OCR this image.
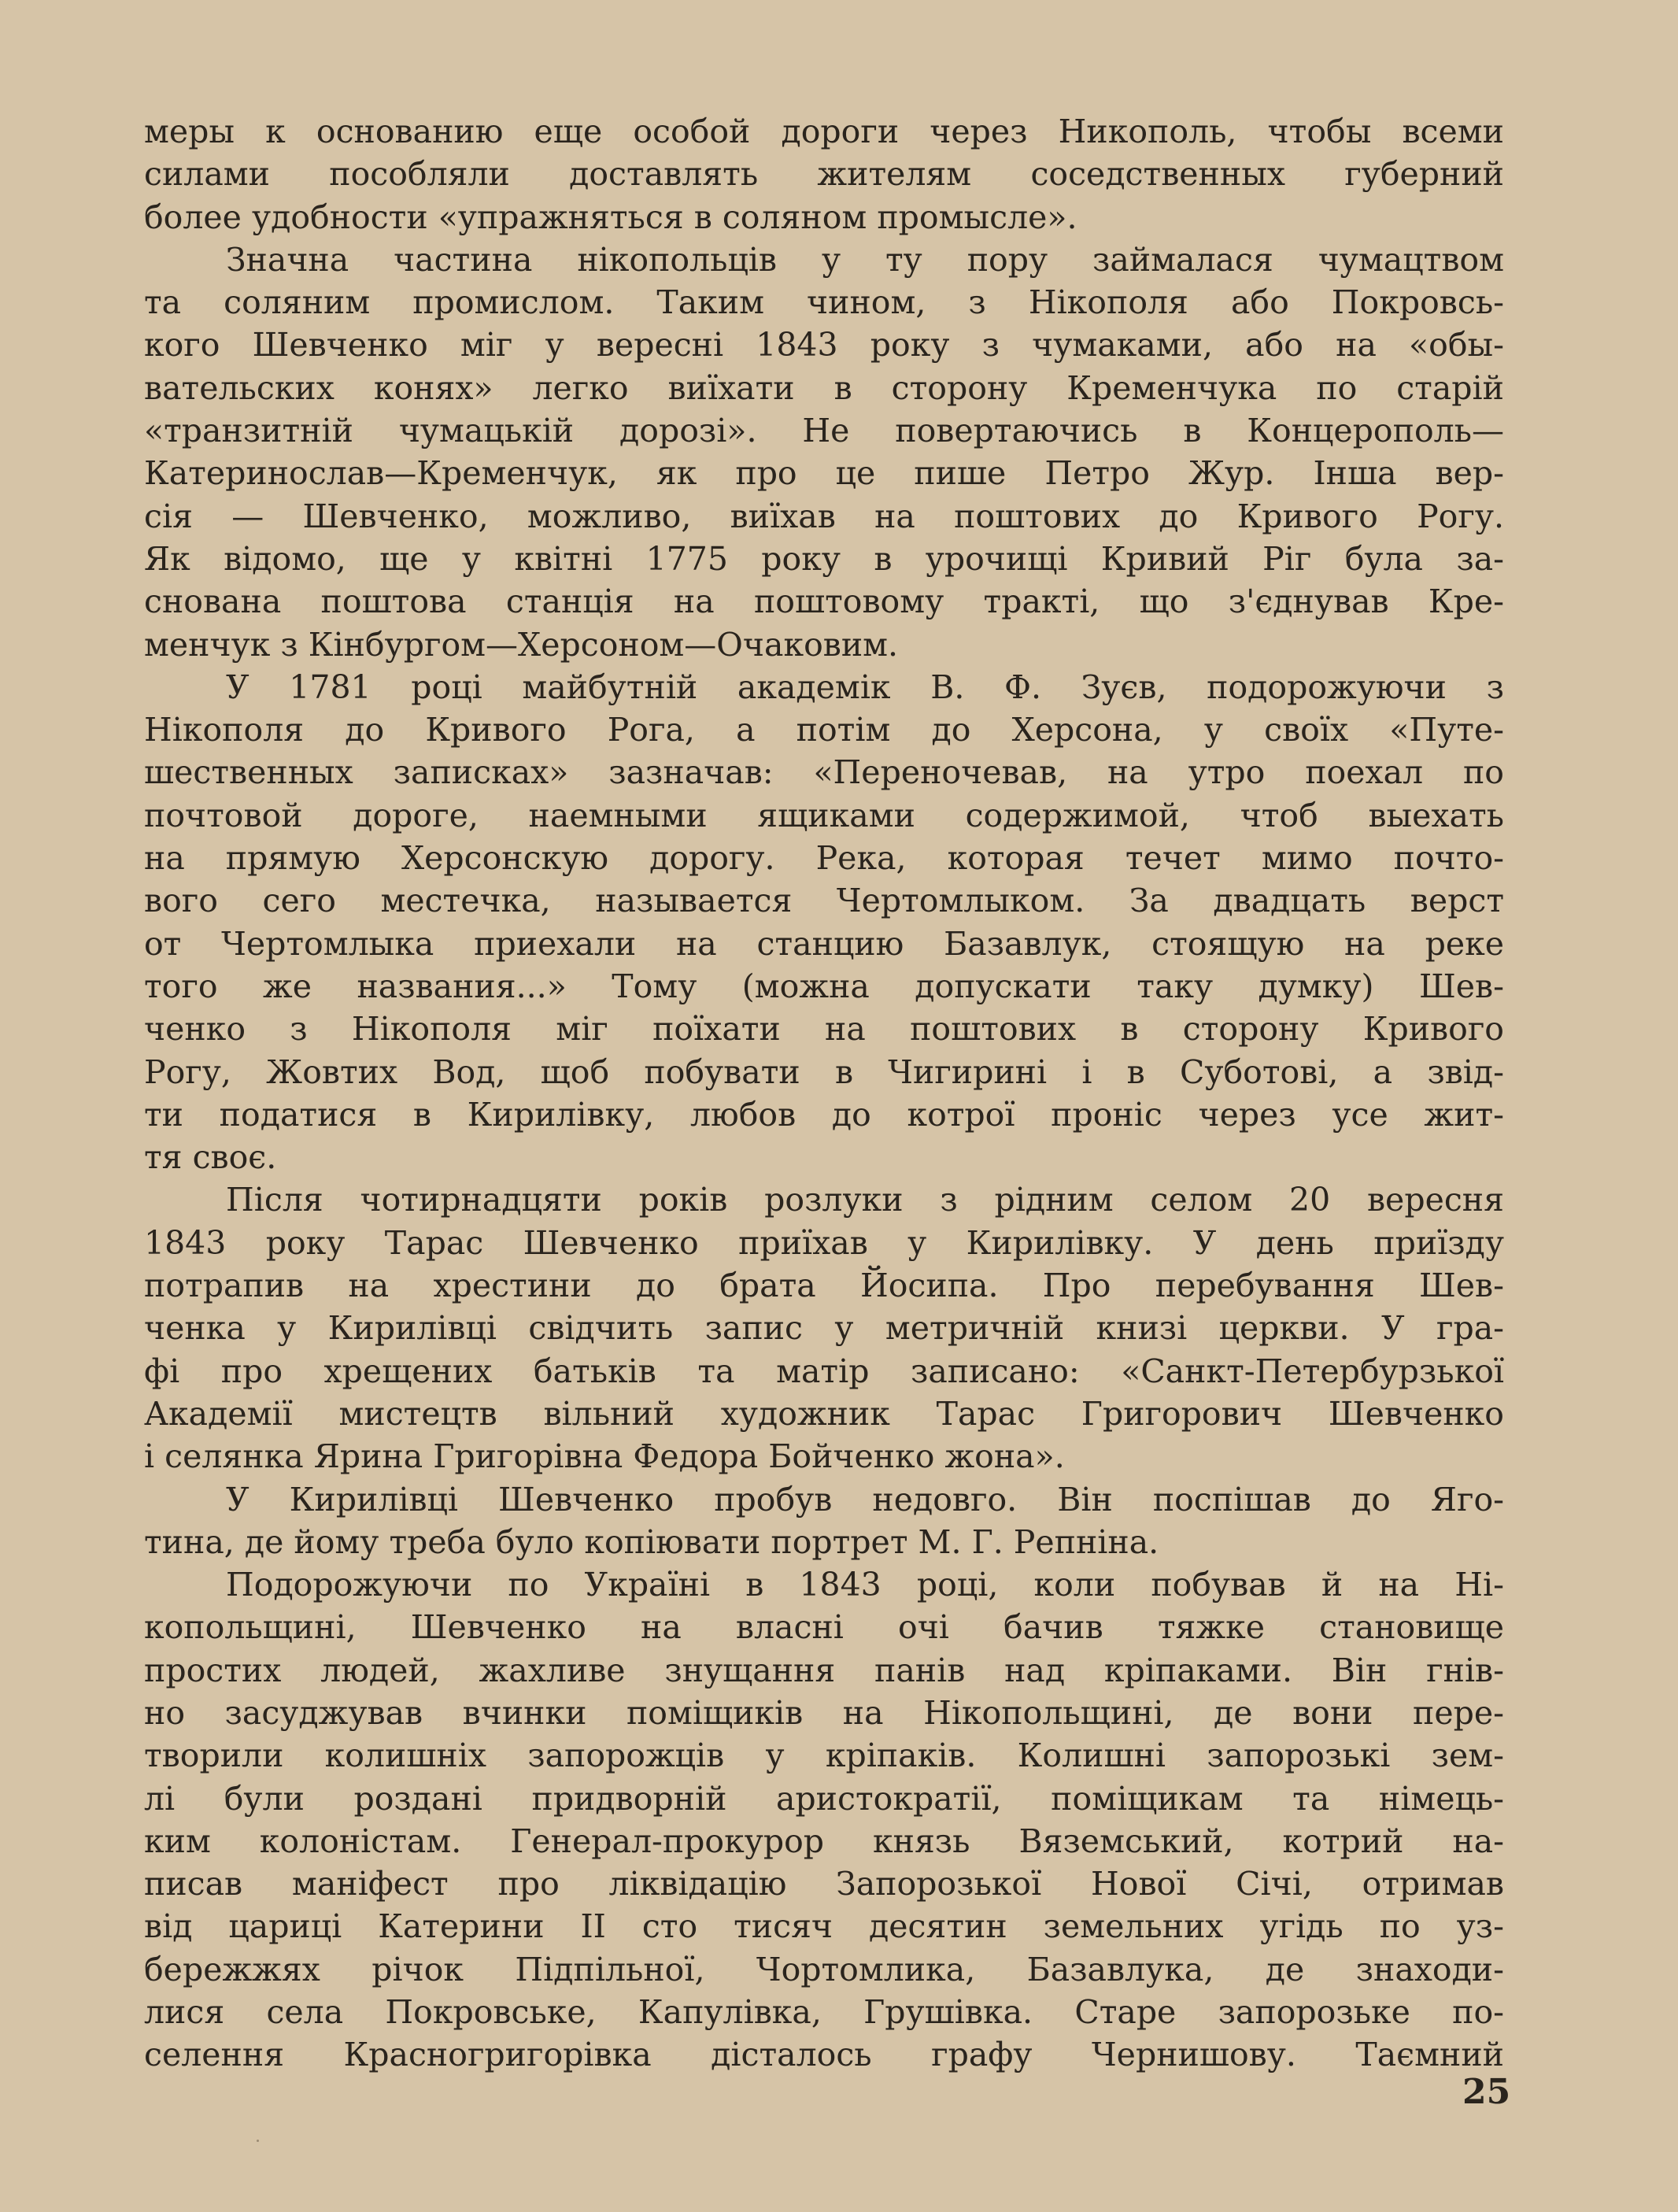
меры к основанию еще особой дороги через Никополь, чтобы всеми
силами пособляли доставлять жителям соседственных губерний
более удобности «упражняться в соляном промысле».
Значна частина нікопольців у ту пору займалася чумацтвом
та соляним промислом. Таким чином, з Нікополя або Покровсь-
кого Шевченко міг у вересні 1843 року з чумаками, або на «обы-
вательских конях» легко виїхати в сторону Кременчука по старій
«транзитній чумацькій дорозі». Не повертаючись в Концерополь—
Катеринослав—Кременчук, як про це пише Петро Жур. Інша вер-
сія — Шевченко, можливо, виїхав на поштових до Кривого Рогу.
Як відомо, ще у квітні 1775 року в урочищі Кривий Ріг була за-
снована поштова станція на поштовому тракті, що з'єднував Кре-
менчук з Кінбургом—Херсоном—Очаковим.
У 1781 році майбутній академік В. Ф. Зуєв, подорожуючи з
Нікополя до Кривого Рога, а потім до Херсона, у своїх «Путе-
шественных записках» зазначав: «Переночевав, на утро поехал по
почтовой дороге, наемными ящиками содержимой, чтоб выехать
на прямую Херсонскую дорогу. Река, которая течет мимо почто-
вого сего местечка, называется Чертомлыком. За двадцать верст
от Чертомлыка приехали на станцию Базавлук, стоящую на реке
того же названия...» Тому (можна допускати таку думку) Шев-
ченко з Нікополя міг поїхати на поштових в сторону Кривого
Рогу, Жовтих Вод, щоб побувати в Чигирині і в Суботові, а звід-
ти податися в Кирилівку, любов до котрої проніс через усе жит-
тя своє.
Після чотирнадцяти років розлуки з рідним селом 20 вересня
1843 року Тарас Шевченко приїхав у Кирилівку. У день приїзду
потрапив на хрестини до брата Йосипа. Про перебування Шев-
ченка у Кирилівці свідчить запис у метричній книзі церкви. У гра-
фі про хрещених батьків та матір записано: «Санкт-Петербурзької
Академії мистецтв вільний художник Тарас Григорович Шевченко
і селянка Ярина Григорівна Федора Бойченко жона».
У Кирилівці Шевченко пробув недовго. Він поспішав до Яго-
тина, де йому треба було копіювати портрет М. Г. Репніна.
Подорожуючи по Україні в 1843 році, коли побував й на Ні-
копольщині, Шевченко на власні очі бачив тяжке становище
простих людей, жахливе знущання панів над кріпаками. Він гнів-
но засуджував вчинки поміщиків на Нікопольщині, де вони пере-
творили колишніх запорожців у кріпаків. Колишні запорозькі зем-
лі були роздані придворній аристократії, поміщикам та німець-
ким колоністам. Генерал-прокурор князь Вяземський, котрий на-
писав маніфест про ліквідацію Запорозької Нової Січі, отримав
від цариці Катерини II сто тисяч десятин земельних угідь по уз-
бережжях річок Підпільної, Чортомлика, Базавлука, де знаходи-
лися села Покровське, Капулівка, Грушівка. Старе запорозьке по-
селення Красногригорівка дісталось графу Чернишову. Таємний
25
